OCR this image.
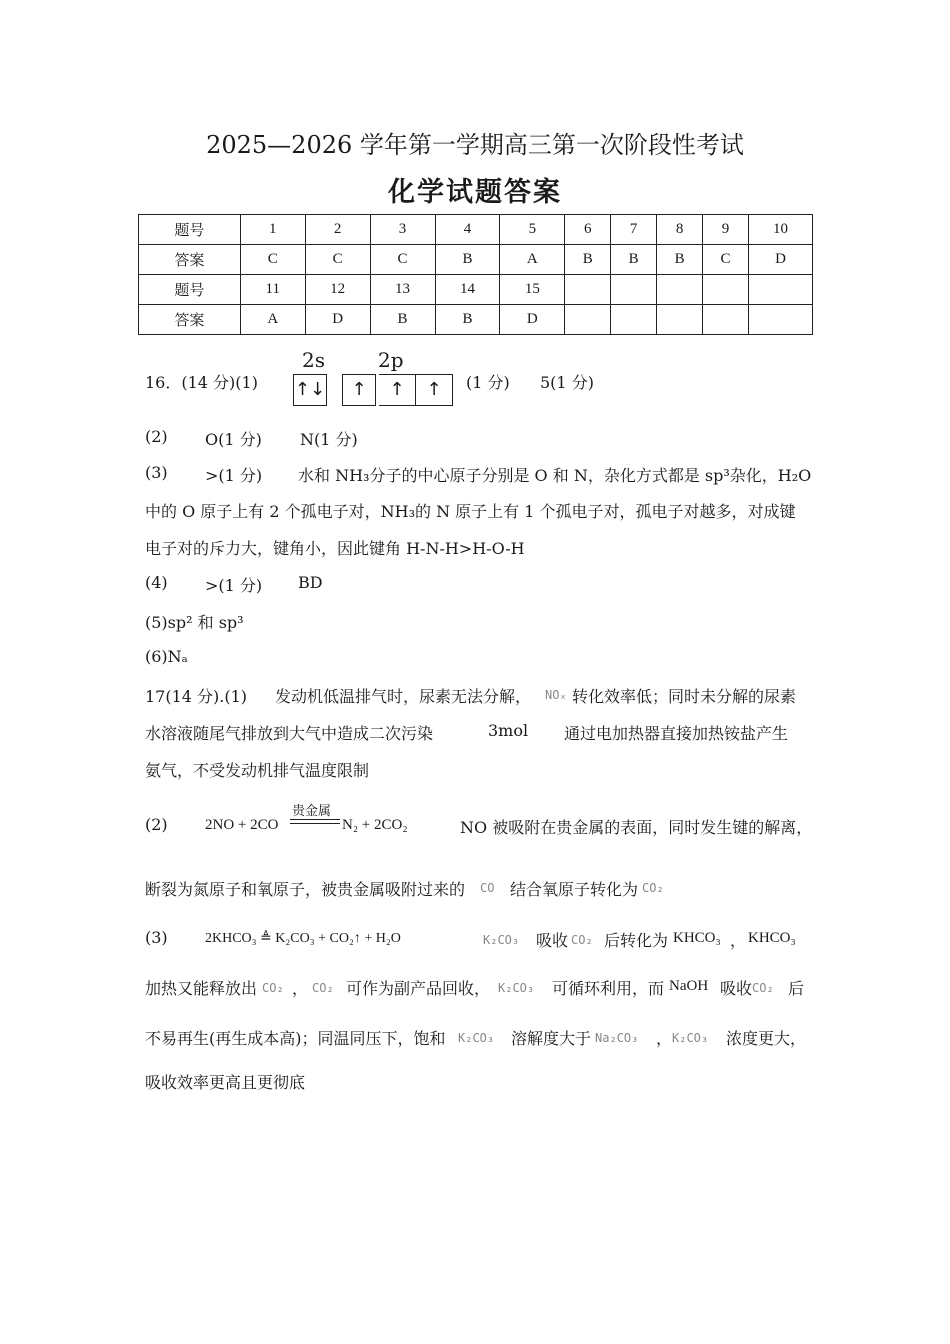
2025—2026 学年第一学期高三第一次阶段性考试
化学试题答案
题号	1	2	3	4	5	6	7	8	9	10
答案	C	C	C	B	A	B	B	B	C	D
题号	11	12	13	14	15					
答案	A	D	B	B	D					
16．(14 分)(1)
2s	2p
↑↓	↑	↑	↑	(1 分) 5(1 分)
(2) O(1 分) N(1 分)
(3) >(1 分) 水和 NH₃分子的中心原子分别是 O 和 N，杂化方式都是 sp³杂化，H₂O
中的 O 原子上有 2 个孤电子对，NH₃的 N 原子上有 1 个孤电子对，孤电子对越多，对成键
电子对的斥力大，键角小，因此键角 H-N-H>H-O-H
(4) >(1 分) BD
(5)sp² 和 sp³
(6)Nₐ
17(14 分).(1) 发动机低温排气时，尿素无法分解， NOₓ 转化效率低；同时未分解的尿素
水溶液随尾气排放到大气中造成二次污染	3mol 通过电加热器直接加热铵盐产生
氨气，不受发动机排气温度限制
(2) 2NO + 2CO
贵金属
N₂ + 2CO₂	NO 被吸附在贵金属的表面，同时发生键的解离，
断裂为氮原子和氧原子，被贵金属吸附过来的 CO 结合氧原子转化为 CO₂
(3)	2KHCO₃ ≜ K₂CO₃ + CO₂↑ + H₂O	K₂CO₃ 吸收 CO₂ 后转化为 KHCO₃ ， KHCO₃
加热又能释放出 CO₂ ， CO₂ 可作为副产品回收， K₂CO₃ 可循环利用，而 NaOH 吸收 CO₂ 后
不易再生(再生成本高)；同温同压下，饱和 K₂CO₃ 溶解度大于 Na₂CO₃ ， K₂CO₃ 浓度更大，
吸收效率更高且更彻底
